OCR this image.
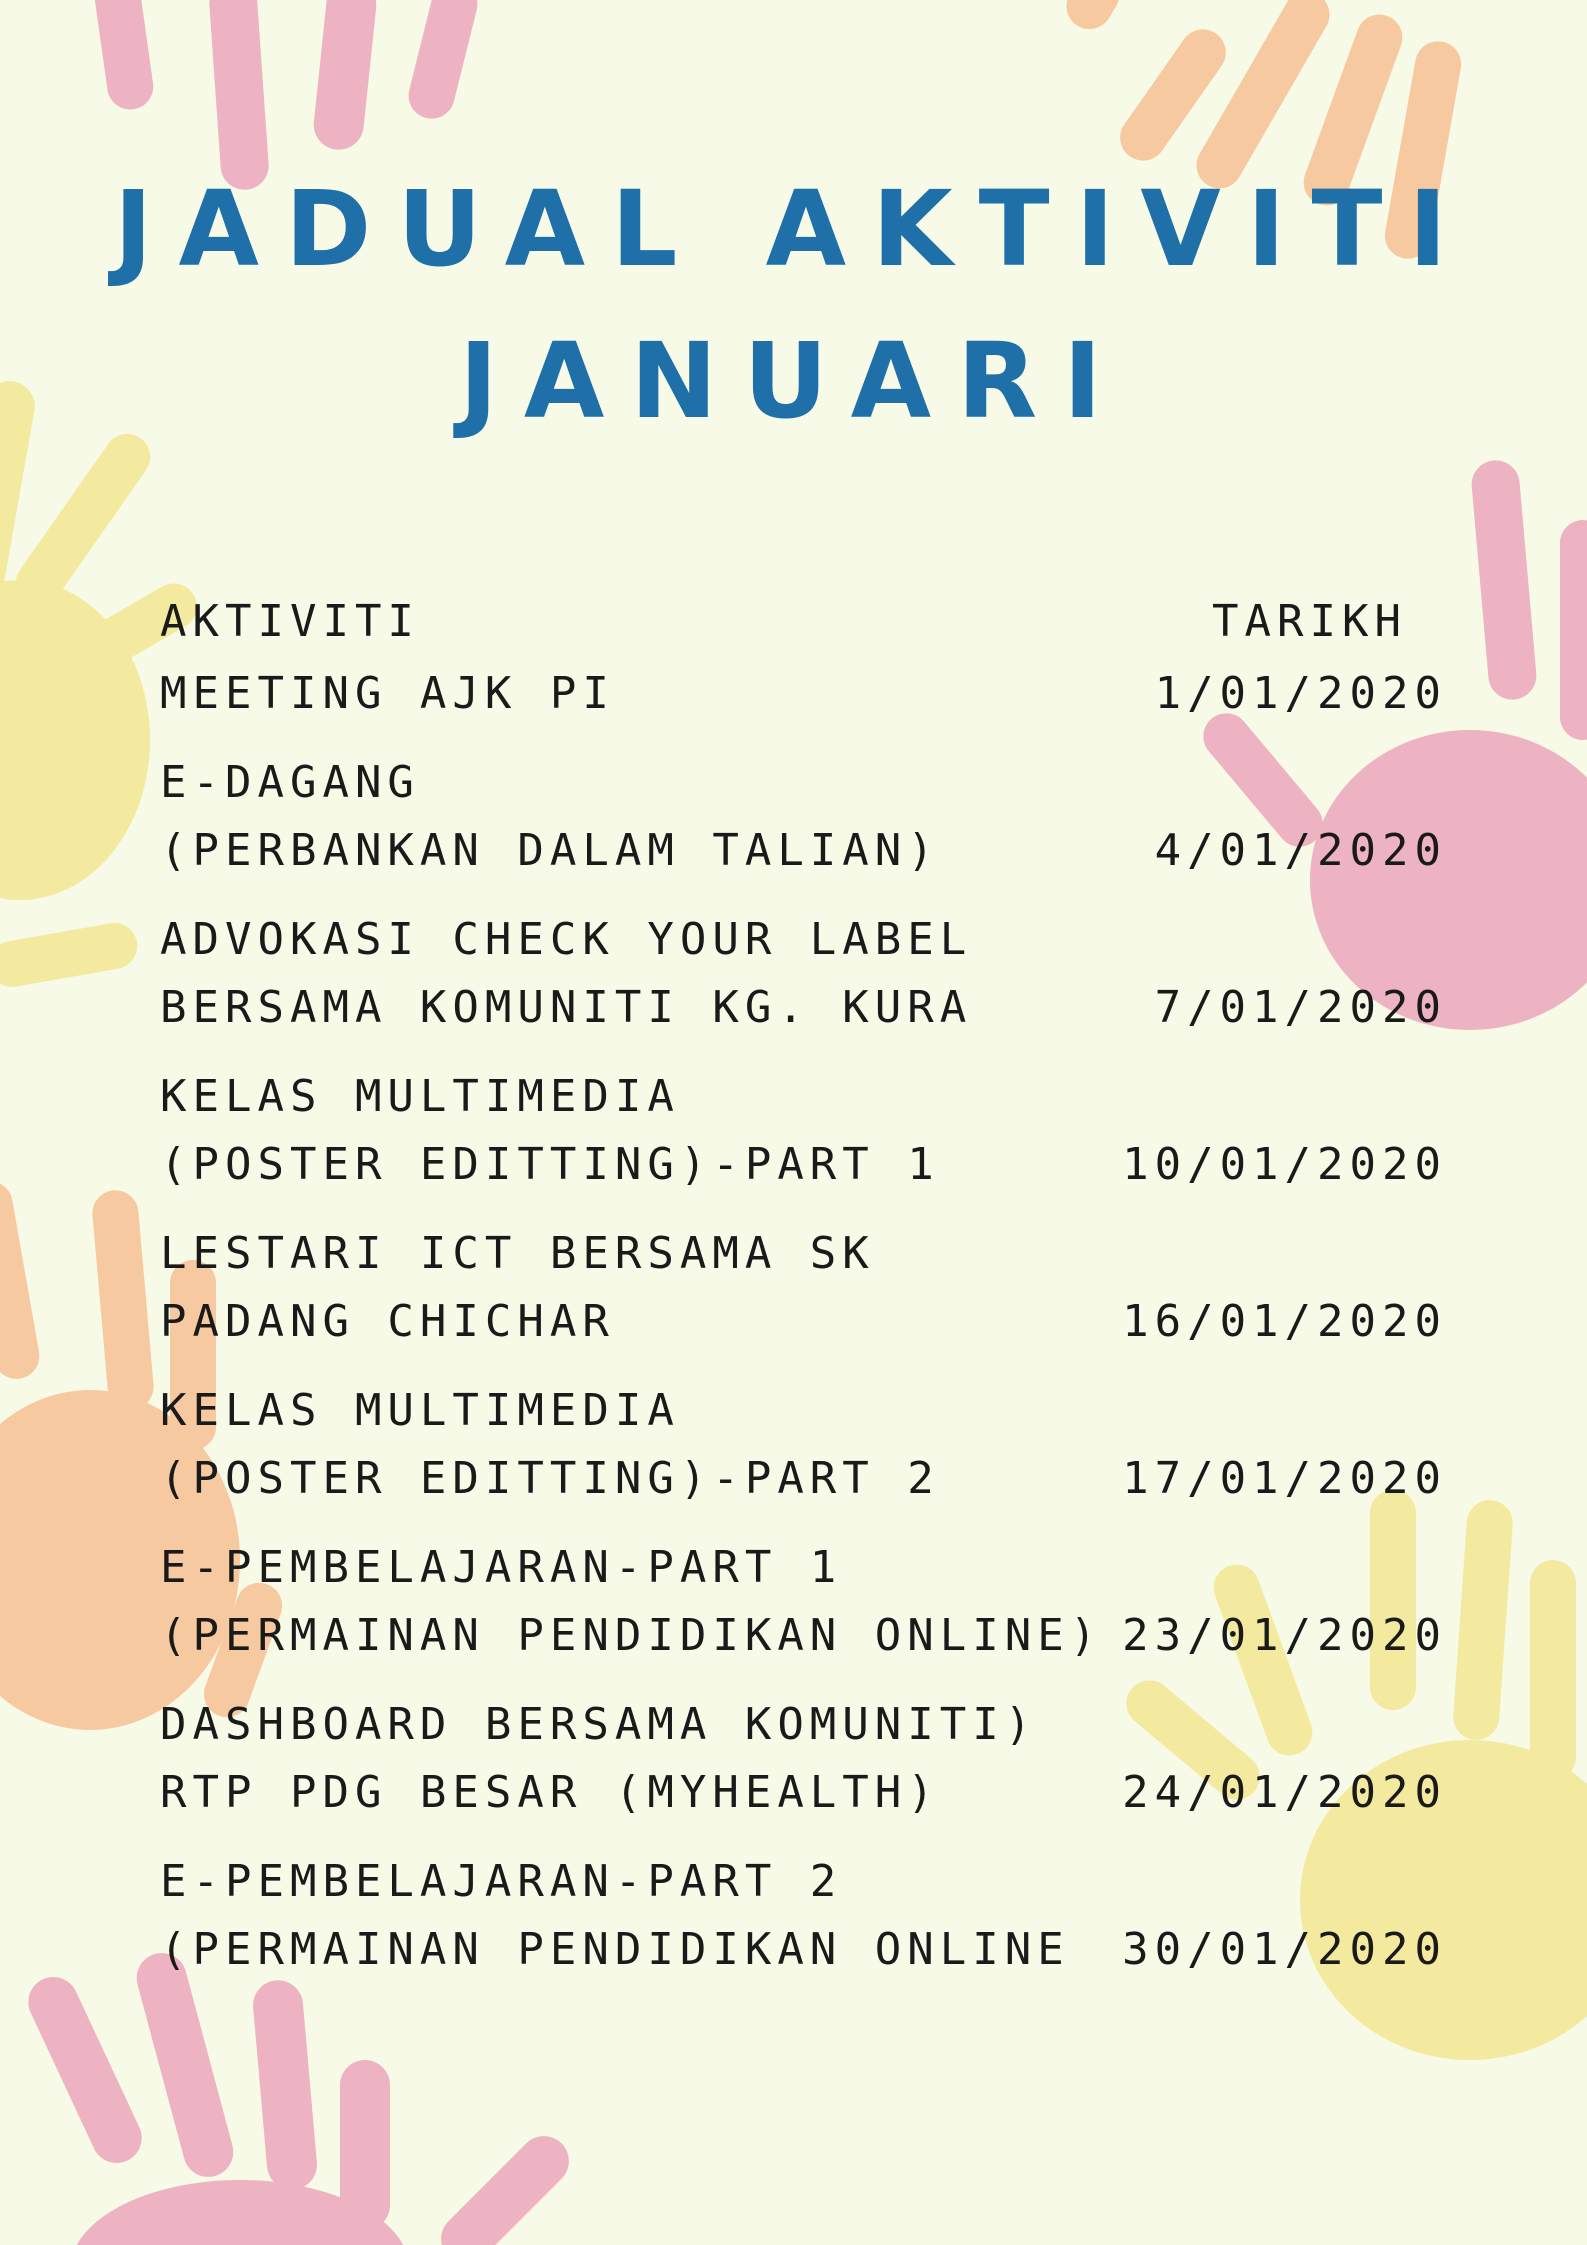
JADUAL AKTIVITI
JANUARI
AKTIVITI	TARIKH
MEETING AJK PI	1/01/2020
E-DAGANG
(PERBANKAN DALAM TALIAN)	4/01/2020
ADVOKASI CHECK YOUR LABEL
BERSAMA KOMUNITI KG. KURA	7/01/2020
KELAS MULTIMEDIA
(POSTER EDITTING)-PART 1	10/01/2020
LESTARI ICT BERSAMA SK
PADANG CHICHAR	16/01/2020
KELAS MULTIMEDIA
(POSTER EDITTING)-PART 2	17/01/2020
E-PEMBELAJARAN-PART 1
(PERMAINAN PENDIDIKAN ONLINE) 23/01/2020
DASHBOARD BERSAMA KOMUNITI)
RTP PDG BESAR (MYHEALTH)	24/01/2020
E-PEMBELAJARAN-PART 2
(PERMAINAN PENDIDIKAN ONLINE 30/01/2020
